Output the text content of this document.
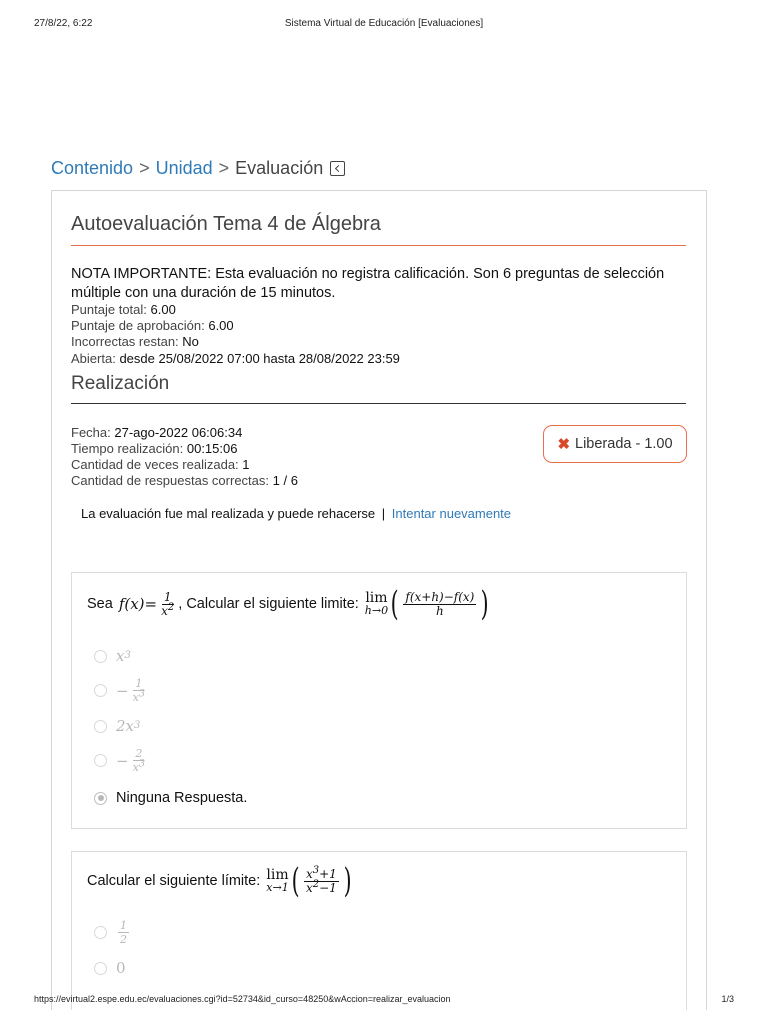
27/8/22, 6:22	Sistema Virtual de Educación [Evaluaciones]
Contenido > Unidad > Evaluación
Autoevaluación Tema 4 de Álgebra
NOTA IMPORTANTE: Esta evaluación no registra calificación. Son 6 preguntas de selección múltiple con una duración de 15 minutos.
Puntaje total: 6.00
Puntaje de aprobación: 6.00
Incorrectas restan: No
Abierta: desde 25/08/2022 07:00 hasta 28/08/2022 23:59
Realización
Fecha: 27-ago-2022 06:06:34
Tiempo realización: 00:15:06
Cantidad de veces realizada: 1
Cantidad de respuestas correctas: 1 / 6
✖ Liberada - 1.00
La evaluación fue mal realizada y puede rehacerse | Intentar nuevamente
Sea $f(x)= \frac{1}{x^2}$ , Calcular el siguiente limite: lim
h→0 ( $\frac{f(x+h)-f(x)}{h}$ )
x 3
− $\frac{1}{x^3}$
2x 3
− $\frac{2}{x^3}$
Ninguna Respuesta.
Calcular el siguiente límite: lim
x→1 ( $\frac{x^3+1}{x^2-1}$ )
$\frac{1}{2}$
0
https://evirtual2.espe.edu.ec/evaluaciones.cgi?id=52734&id_curso=48250&wAccion=realizar_evaluacion	1/3
